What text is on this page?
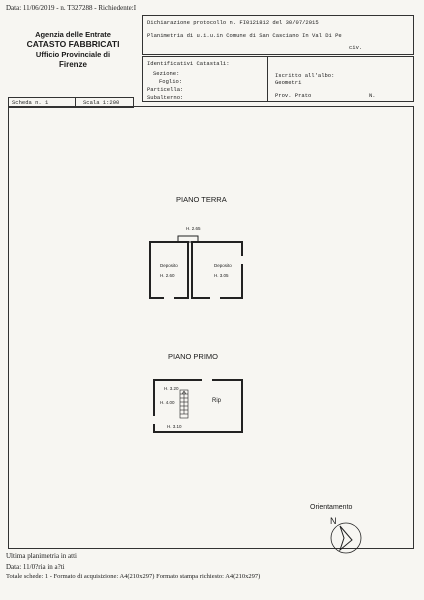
Data: 11/06/2019 - n. T327288 - Richiedente:I
Agenzia delle Entrate
CATASTO FABBRICATI
Ufficio Provinciale di
Firenze
Dichiarazione protocollo n. FI0121812 del 30/07/2015
Planimetria di u.i.u.in Comune di San Casciano In Val Di Pe
civ.
Identificativi Catastali:
Sezione:
Foglio:
Particella:
Subalterno:
Iscritto all'albo:
Geometri
Prov. Prato	N.
Scheda n. 1	Scala 1:200
PIANO TERRA
H. 2.65
Deposito
H. 2.60
Deposito
H. 3.05
PIANO PRIMO
H. 3.20
H. 4.00	Rip
H. 3.10
Orientamento
N
Ultima planimetria in atti
Data: 11/0?ria in a?ti
Totale schede: 1 - Formato di acquisizione: A4(210x297) Formato stampa richiesto: A4(210x297)
